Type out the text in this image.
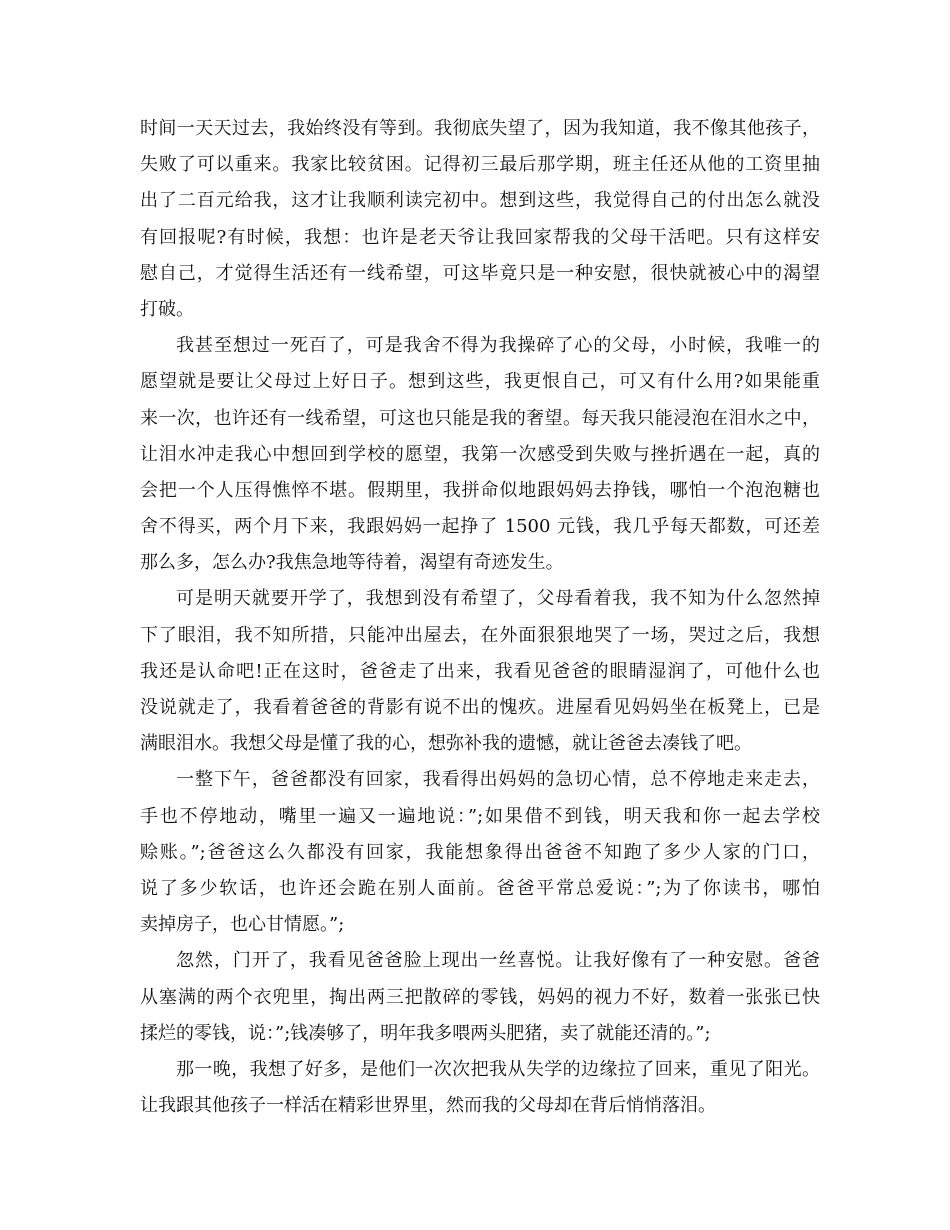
时间一天天过去，我始终没有等到。我彻底失望了，因为我知道，我不像其他孩子，
失败了可以重来。我家比较贫困。记得初三最后那学期，班主任还从他的工资里抽
出了二百元给我，这才让我顺利读完初中。想到这些，我觉得自己的付出怎么就没
有回报呢?有时候，我想：也许是老天爷让我回家帮我的父母干活吧。只有这样安
慰自己，才觉得生活还有一线希望，可这毕竟只是一种安慰，很快就被心中的渴望
打破。
我甚至想过一死百了，可是我舍不得为我操碎了心的父母，小时候，我唯一的
愿望就是要让父母过上好日子。想到这些，我更恨自己，可又有什么用?如果能重
来一次，也许还有一线希望，可这也只能是我的奢望。每天我只能浸泡在泪水之中，
让泪水冲走我心中想回到学校的愿望，我第一次感受到失败与挫折遇在一起，真的
会把一个人压得憔悴不堪。假期里，我拼命似地跟妈妈去挣钱，哪怕一个泡泡糖也
舍不得买，两个月下来，我跟妈妈一起挣了 1500 元钱，我几乎每天都数，可还差
那么多，怎么办?我焦急地等待着，渴望有奇迹发生。
可是明天就要开学了，我想到没有希望了，父母看着我，我不知为什么忽然掉
下了眼泪，我不知所措，只能冲出屋去，在外面狠狠地哭了一场，哭过之后，我想
我还是认命吧!正在这时，爸爸走了出来，我看见爸爸的眼睛湿润了，可他什么也
没说就走了，我看着爸爸的背影有说不出的愧疚。进屋看见妈妈坐在板凳上，已是
满眼泪水。我想父母是懂了我的心，想弥补我的遗憾，就让爸爸去凑钱了吧。
一整下午，爸爸都没有回家，我看得出妈妈的急切心情，总不停地走来走去，
手也不停地动，嘴里一遍又一遍地说：”;如果借不到钱，明天我和你一起去学校
赊账。”;爸爸这么久都没有回家，我能想象得出爸爸不知跑了多少人家的门口，
说了多少软话，也许还会跪在别人面前。爸爸平常总爱说：”;为了你读书，哪怕
卖掉房子，也心甘情愿。”;
忽然，门开了，我看见爸爸脸上现出一丝喜悦。让我好像有了一种安慰。爸爸
从塞满的两个衣兜里，掏出两三把散碎的零钱，妈妈的视力不好，数着一张张已快
揉烂的零钱，说：”;钱凑够了，明年我多喂两头肥猪，卖了就能还清的。”;
那一晚，我想了好多，是他们一次次把我从失学的边缘拉了回来，重见了阳光。
让我跟其他孩子一样活在精彩世界里，然而我的父母却在背后悄悄落泪。
